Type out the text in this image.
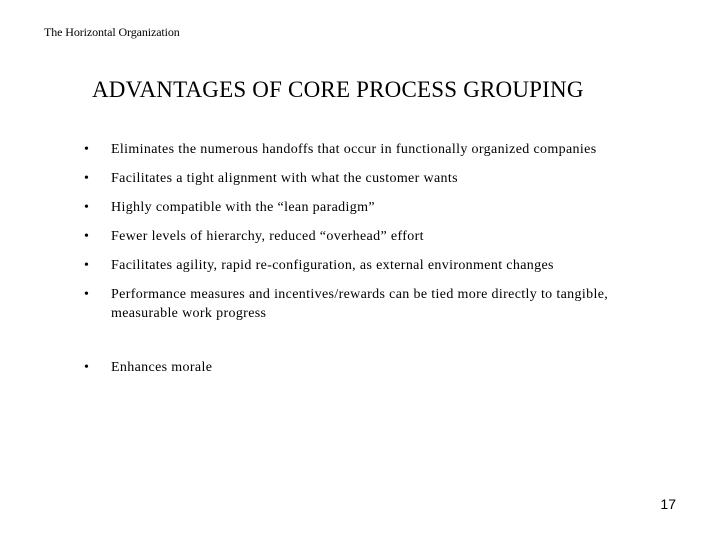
The Horizontal Organization
ADVANTAGES OF CORE PROCESS GROUPING
•	Eliminates the numerous handoffs that occur in functionally organized companies
•	Facilitates a tight alignment with what the customer wants
•	Highly compatible with the “lean paradigm”
•	Fewer levels of hierarchy, reduced “overhead” effort
•	Facilitates agility, rapid re-configuration, as external environment changes
•	Performance measures and incentives/rewards can be tied more directly to tangible, measurable work progress
•	Enhances morale
17
